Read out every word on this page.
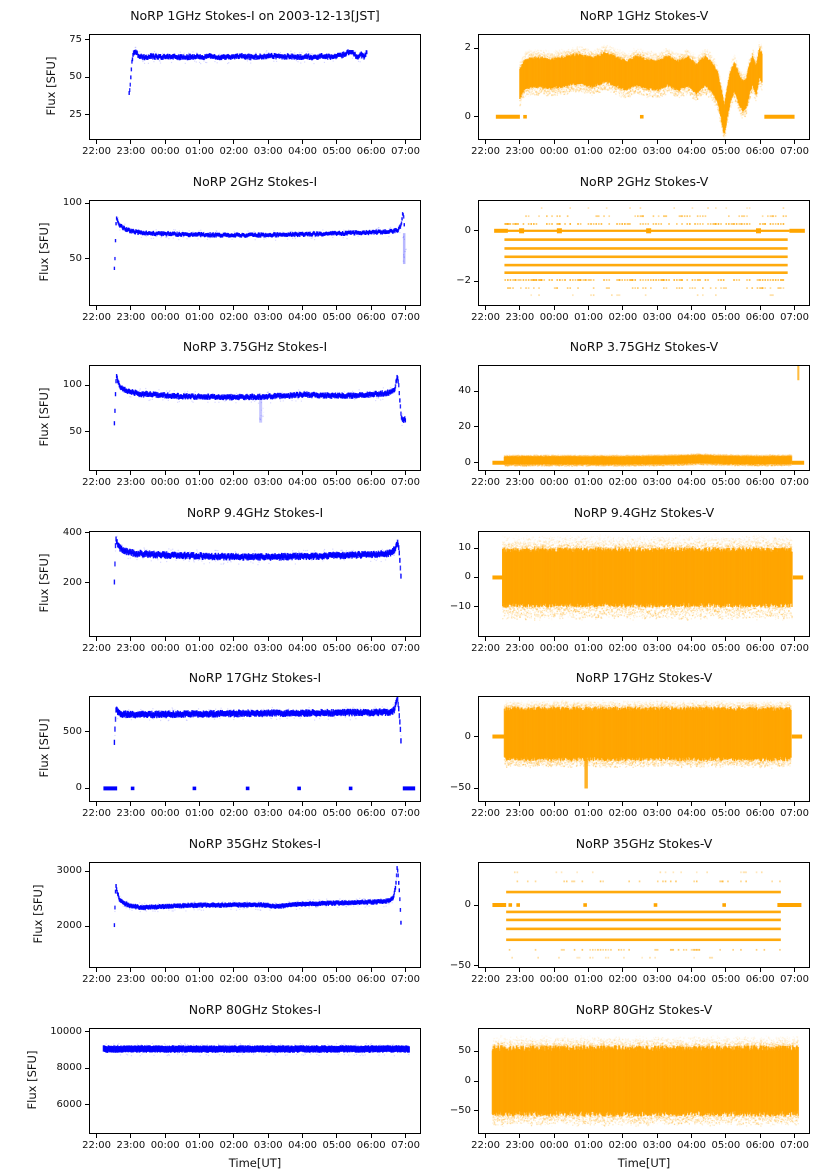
NoRP 1GHz Stokes-I on 2003-12-13[JST]
25
50
75
22:00 23:00 00:00 01:00 02:00 03:00 04:00 05:00 06:00 07:00
Flux [SFU]
NoRP 1GHz Stokes-V
0
2
22:00 23:00 00:00 01:00 02:00 03:00 04:00 05:00 06:00 07:00
NoRP 2GHz Stokes-I
50
100
22:00 23:00 00:00 01:00 02:00 03:00 04:00 05:00 06:00 07:00
Flux [SFU]
NoRP 2GHz Stokes-V
−2
0
22:00 23:00 00:00 01:00 02:00 03:00 04:00 05:00 06:00 07:00
NoRP 3.75GHz Stokes-I
50
100
22:00 23:00 00:00 01:00 02:00 03:00 04:00 05:00 06:00 07:00
Flux [SFU]
NoRP 3.75GHz Stokes-V
0
20
40
22:00 23:00 00:00 01:00 02:00 03:00 04:00 05:00 06:00 07:00
NoRP 9.4GHz Stokes-I
200
400
22:00 23:00 00:00 01:00 02:00 03:00 04:00 05:00 06:00 07:00
Flux [SFU]
NoRP 9.4GHz Stokes-V
−10
0
10
22:00 23:00 00:00 01:00 02:00 03:00 04:00 05:00 06:00 07:00
NoRP 17GHz Stokes-I
0
500
22:00 23:00 00:00 01:00 02:00 03:00 04:00 05:00 06:00 07:00
Flux [SFU]
NoRP 17GHz Stokes-V
−50
0
22:00 23:00 00:00 01:00 02:00 03:00 04:00 05:00 06:00 07:00
NoRP 35GHz Stokes-I
2000
3000
22:00 23:00 00:00 01:00 02:00 03:00 04:00 05:00 06:00 07:00
Flux [SFU]
NoRP 35GHz Stokes-V
−50
0
22:00 23:00 00:00 01:00 02:00 03:00 04:00 05:00 06:00 07:00
NoRP 80GHz Stokes-I
6000
8000
10000
22:00 23:00 00:00 01:00 02:00 03:00 04:00 05:00 06:00 07:00
Flux [SFU]
Time[UT]
NoRP 80GHz Stokes-V
−50
0
50
22:00 23:00 00:00 01:00 02:00 03:00 04:00 05:00 06:00 07:00
Time[UT]
